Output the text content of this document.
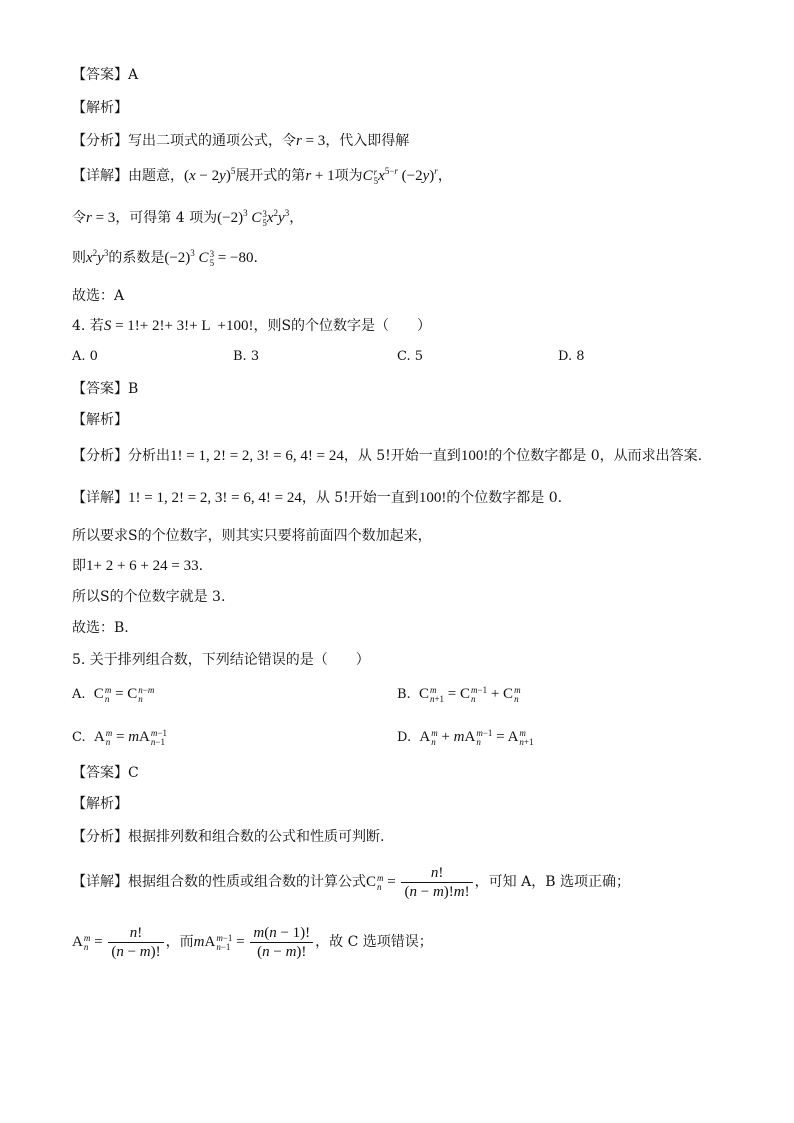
【答案】A
【解析】
【分析】写出二项式的通项公式，令r = 3，代入即得解
【详解】由题意，$(x - 2y)^5$展开式的第r + 1项为C r
5 $x^{5-r}$ $(-2y)^r$，
令r = 3，可得第 4 项为$(-2)^3$ C 3
5 $x^2y^3$，
则$x^2y^3$的系数是$(-2)^3$ C 3
5 = −80.
故选：A
4. 若S = 1!+ 2!+ 3!+ L  +100!，则S的个位数字是（　　）
A. 0	B. 3	C. 5	D. 8
【答案】B
【解析】
【分析】分析出1! = 1, 2! = 2, 3! = 6, 4! = 24，从 5!开始一直到100!的个位数字都是 0，从而求出答案.
【详解】1! = 1, 2! = 2, 3! = 6, 4! = 24，从 5!开始一直到100!的个位数字都是 0.
所以要求S的个位数字，则其实只要将前面四个数加起来，
即1+ 2 + 6 + 24 = 33.
所以S的个位数字就是 3.
故选：B.
5. 关于排列组合数，下列结论错误的是（　　）
A. C m
n = C n−m
n	B. C m
n+1 = C m−1
n + C m
n
C. A m
n = mA m−1
n−1	D. A m
n + mA m−1
n = A m
n+1
【答案】C
【解析】
【分析】根据排列数和组合数的公式和性质可判断.
【详解】根据组合数的性质或组合数的计算公式C m
$n = \frac{n!}{(n - m)!m!}$ ，可知 A，B 选项正确；
A m
$n = \frac{n!}{(n - m)!}$ ，而mA m−1
$n-1 = \frac{m(n - 1)!}{(n - m)!}$ ，故 C 选项错误；
